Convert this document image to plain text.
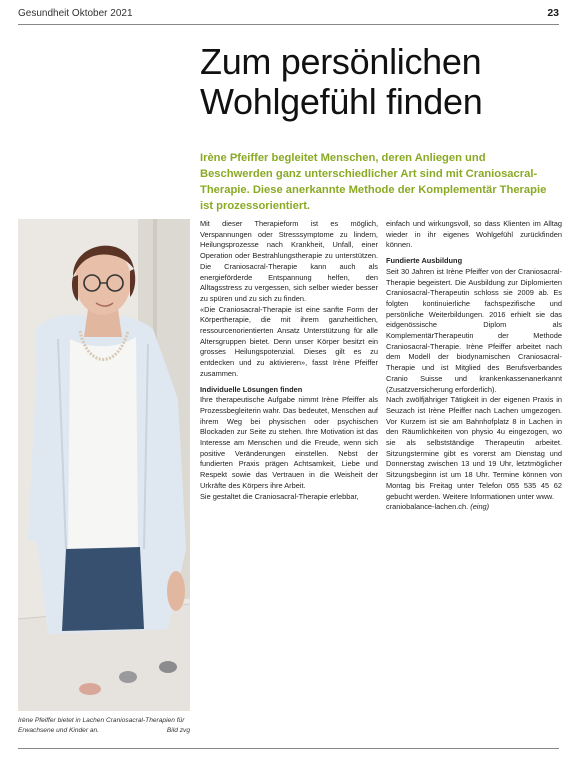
Gesundheit Oktober 2021	23
Zum persönlichen
Wohlgefühl finden
Irène Pfeiffer begleitet Menschen, deren Anliegen und Beschwerden ganz unterschiedlicher Art sind mit Craniosacral-Therapie. Diese anerkannte Methode der Komplementär Therapie ist prozessorientiert.
Irène Pfeiffer bietet in Lachen Craniosacral-Therapien für Erwachsene und Kinder an.	Bild zvg

Mit dieser Therapieform ist es möglich, Verspannungen oder Stresssymptome zu lindern, Heilungsprozesse nach Krankheit, Unfall, einer Operation oder Bestrahlungstherapie zu unterstützen. Die Craniosacral-Therapie kann auch als energieförderde Entspannung helfen, den Alltagsstress zu vergessen, sich selber wieder besser zu spüren und zu sich zu finden.

«Die Craniosacral-Therapie ist eine sanfte Form der Körpertherapie, die mit ihrem ganzheitlichen, ressourcenorientierten Ansatz Unterstützung für alle Altersgruppen bietet. Denn unser Körper besitzt ein grosses Heilungspotenzial. Dieses gilt es zu entdecken und zu aktivieren», fasst Irène Pfeiffer zusammen.

Individuelle Lösungen finden

Ihre therapeutische Aufgabe nimmt Irène Pfeiffer als Prozessbegleiterin wahr. Das bedeutet, Menschen auf ihrem Weg bei physischen oder psychischen Blockaden zur Seite zu stehen. Ihre Motivation ist das Interesse am Menschen und die Freude, wenn sich positive Veränderungen einstellen. Nebst der fundierten Praxis prägen Achtsamkeit, Liebe und Respekt sowie das Vertrauen in die Weisheit der Urkräfte des Körpers ihre Arbeit.

Sie gestaltet die Craniosacral-Therapie erlebbar,

einfach und wirkungsvoll, so dass Klienten im Alltag wieder in ihr eigenes Wohlgefühl zurückfinden können.

Fundierte Ausbildung

Seit 30 Jahren ist Irène Pfeiffer von der Craniosacral-Therapie begeistert. Die Ausbildung zur Diplomierten Craniosacral-Therapeutin schloss sie 2009 ab. Es folgten kontinuierliche fachspezifische und persönliche Weiterbildungen. 2016 erhielt sie das eidgenössische Diplom als KomplementärTherapeutin der Methode Craniosacral-Therapie. Irène Pfeiffer arbeitet nach dem Modell der biodynamischen Craniosacral-Therapie und ist Mitglied des Berufsverbandes Cranio Suisse und krankenkassenanerkannt (Zusatzversicherung erforderlich).

Nach zwölfjähriger Tätigkeit in der eigenen Praxis in Seuzach ist Irène Pfeiffer nach Lachen umgezogen. Vor Kurzem ist sie am Bahnhofplatz 8 in Lachen in den Räumlichkeiten von physio 4u eingezogen, wo sie als selbstständige Therapeutin arbeitet. Sitzungstermine gibt es vorerst am Dienstag und Donnerstag zwischen 13 und 19 Uhr, letztmöglicher Sitzungsbeginn ist um 18 Uhr. Termine können von Montag bis Freitag unter Telefon 055 535 45 62 gebucht werden. Weitere Informationen unter www.

craniobalance-lachen.ch. (eing)
